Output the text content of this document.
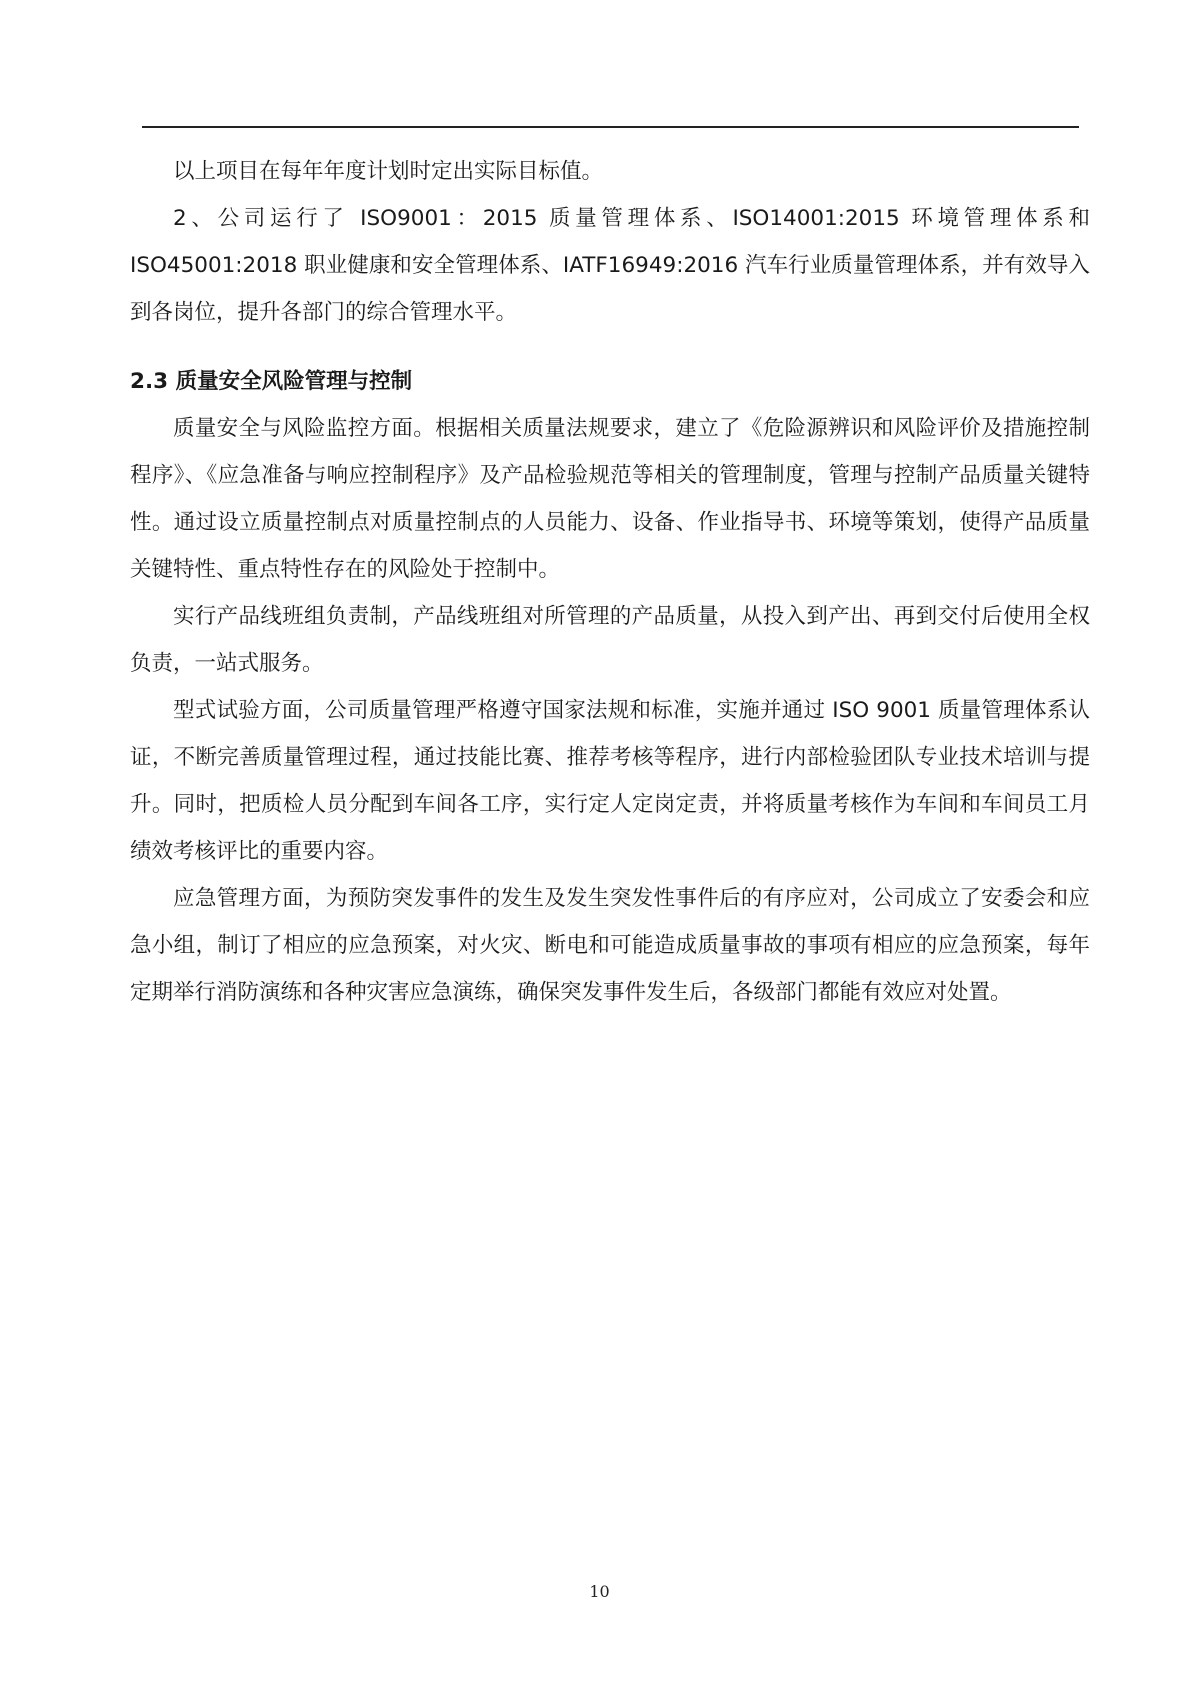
以上项目在每年年度计划时定出实际目标值。

2、公司运行了 ISO9001：2015 质量管理体系、ISO14001:2015 环境管理体系和 ISO45001:2018 职业健康和安全管理体系、IATF16949:2016 汽车行业质量管理体系，并有效导入到各岗位，提升各部门的综合管理水平。

2.3 质量安全风险管理与控制

质量安全与风险监控方面。根据相关质量法规要求，建立了《危险源辨识和风险评价及措施控制程序》、《应急准备与响应控制程序》及产品检验规范等相关的管理制度，管理与控制产品质量关键特性。通过设立质量控制点对质量控制点的人员能力、设备、作业指导书、环境等策划，使得产品质量关键特性、重点特性存在的风险处于控制中。

实行产品线班组负责制，产品线班组对所管理的产品质量，从投入到产出、再到交付后使用全权负责，一站式服务。

型式试验方面，公司质量管理严格遵守国家法规和标准，实施并通过 ISO 9001 质量管理体系认证，不断完善质量管理过程，通过技能比赛、推荐考核等程序，进行内部检验团队专业技术培训与提升。同时，把质检人员分配到车间各工序，实行定人定岗定责，并将质量考核作为车间和车间员工月绩效考核评比的重要内容。

应急管理方面，为预防突发事件的发生及发生突发性事件后的有序应对，公司成立了安委会和应急小组，制订了相应的应急预案，对火灾、断电和可能造成质量事故的事项有相应的应急预案，每年定期举行消防演练和各种灾害应急演练，确保突发事件发生后，各级部门都能有效应对处置。

10
